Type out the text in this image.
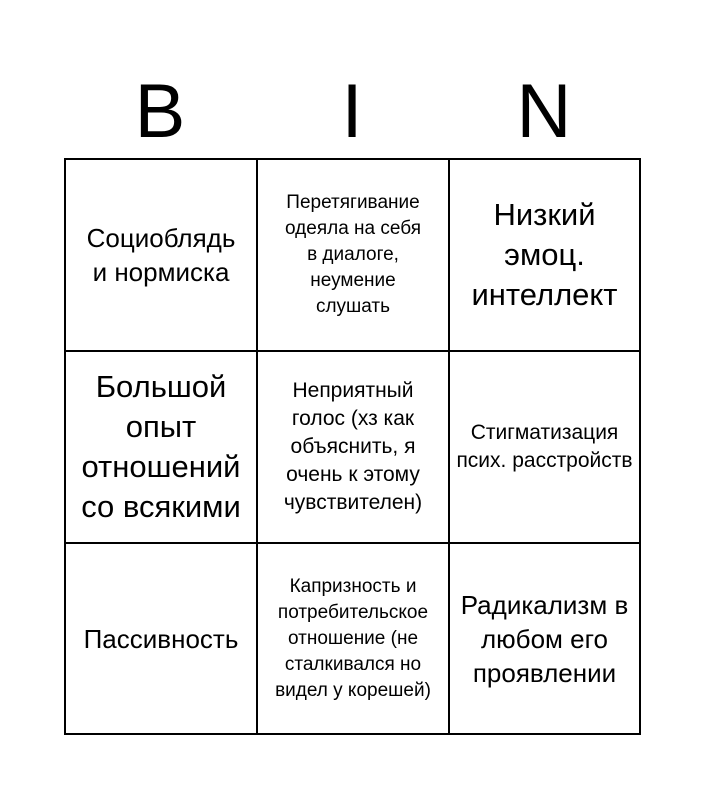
B	I	N
Социоблядь и нормиска
Перетягивание одеяла на себя в диалоге, неумение слушать
Низкий эмоц. интеллект
Большой опыт отношений со всякими
Неприятный голос (хз как объяснить, я очень к этому чувствителен)
Стигматизация псих. расстройств
Пассивность
Капризность и потребительское отношение (не сталкивался но видел у корешей)
Радикализм в любом его проявлении
